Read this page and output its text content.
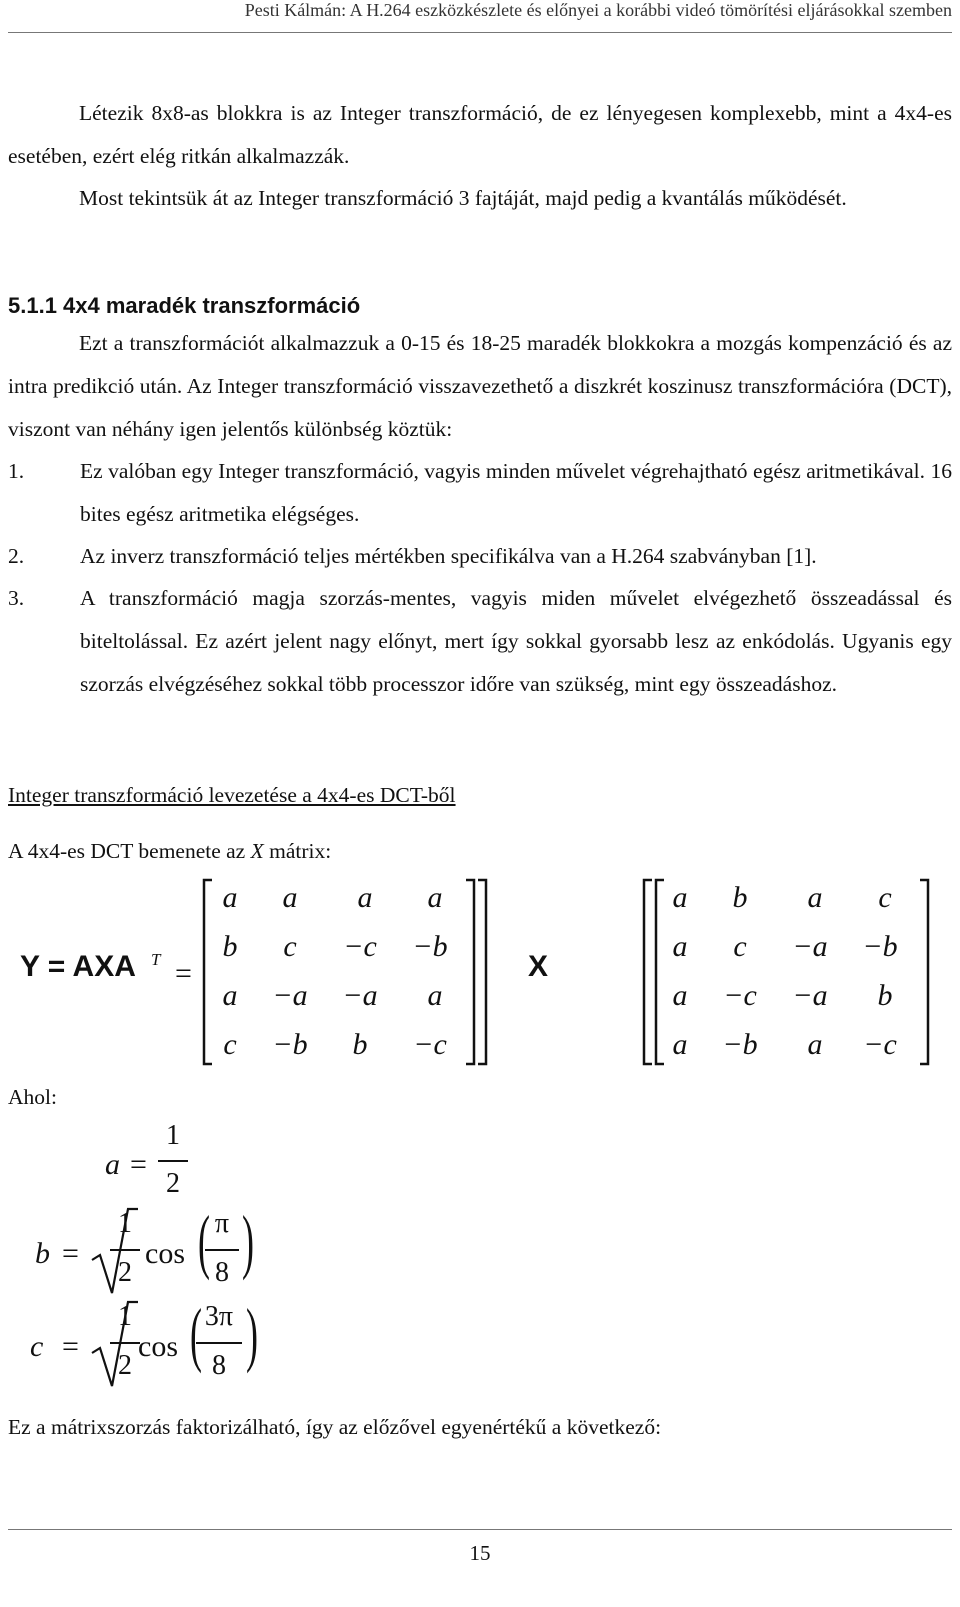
Pesti Kálmán: A H.264 eszközkészlete és előnyei a korábbi videó tömörítési eljárásokkal szemben
Létezik 8x8-as blokkra is az Integer transzformáció, de ez lényegesen komplexebb, mint a 4x4-es esetében, ezért elég ritkán alkalmazzák.
Most tekintsük át az Integer transzformáció 3 fajtáját, majd pedig a kvantálás működését.
5.1.1 4x4 maradék transzformáció
Ezt a transzformációt alkalmazzuk a 0-15 és 18-25 maradék blokkokra a mozgás kompenzáció és az intra predikció után. Az Integer transzformáció visszavezethető a diszkrét koszinusz transzformációra (DCT), viszont van néhány igen jelentős különbség köztük:
1.	Ez valóban egy Integer transzformáció, vagyis minden művelet végrehajtható egész aritmetikával. 16 bites egész aritmetika elégséges.
2.	Az inverz transzformáció teljes mértékben specifikálva van a H.264 szabványban [1].
3.	A transzformáció magja szorzás-mentes, vagyis miden művelet elvégezhető összeadással és biteltolással. Ez azért jelent nagy előnyt, mert így sokkal gyorsabb lesz az enkódolás. Ugyanis egy szorzás elvégzéséhez sokkal több processzor időre van szükség, mint egy összeadáshoz.
Integer transzformáció levezetése a 4x4-es DCT-ből
A 4x4-es DCT bemenete az X mátrix:
Y = AXA T =
a	a	a	a
b	c	−c	−b
a	−a	−a	a
c	−b	b	−c
X
a	b	a	c
a	c	−a	−b
a	−c	−a	b
a	−b	a	−c
Ahol:
a =
1
2
b =
1
2
cos ( π
8 )
c =
1
2
cos ( 3π
8 )
Ez a mátrixszorzás faktorizálható, így az előzővel egyenértékű a következő:
15
